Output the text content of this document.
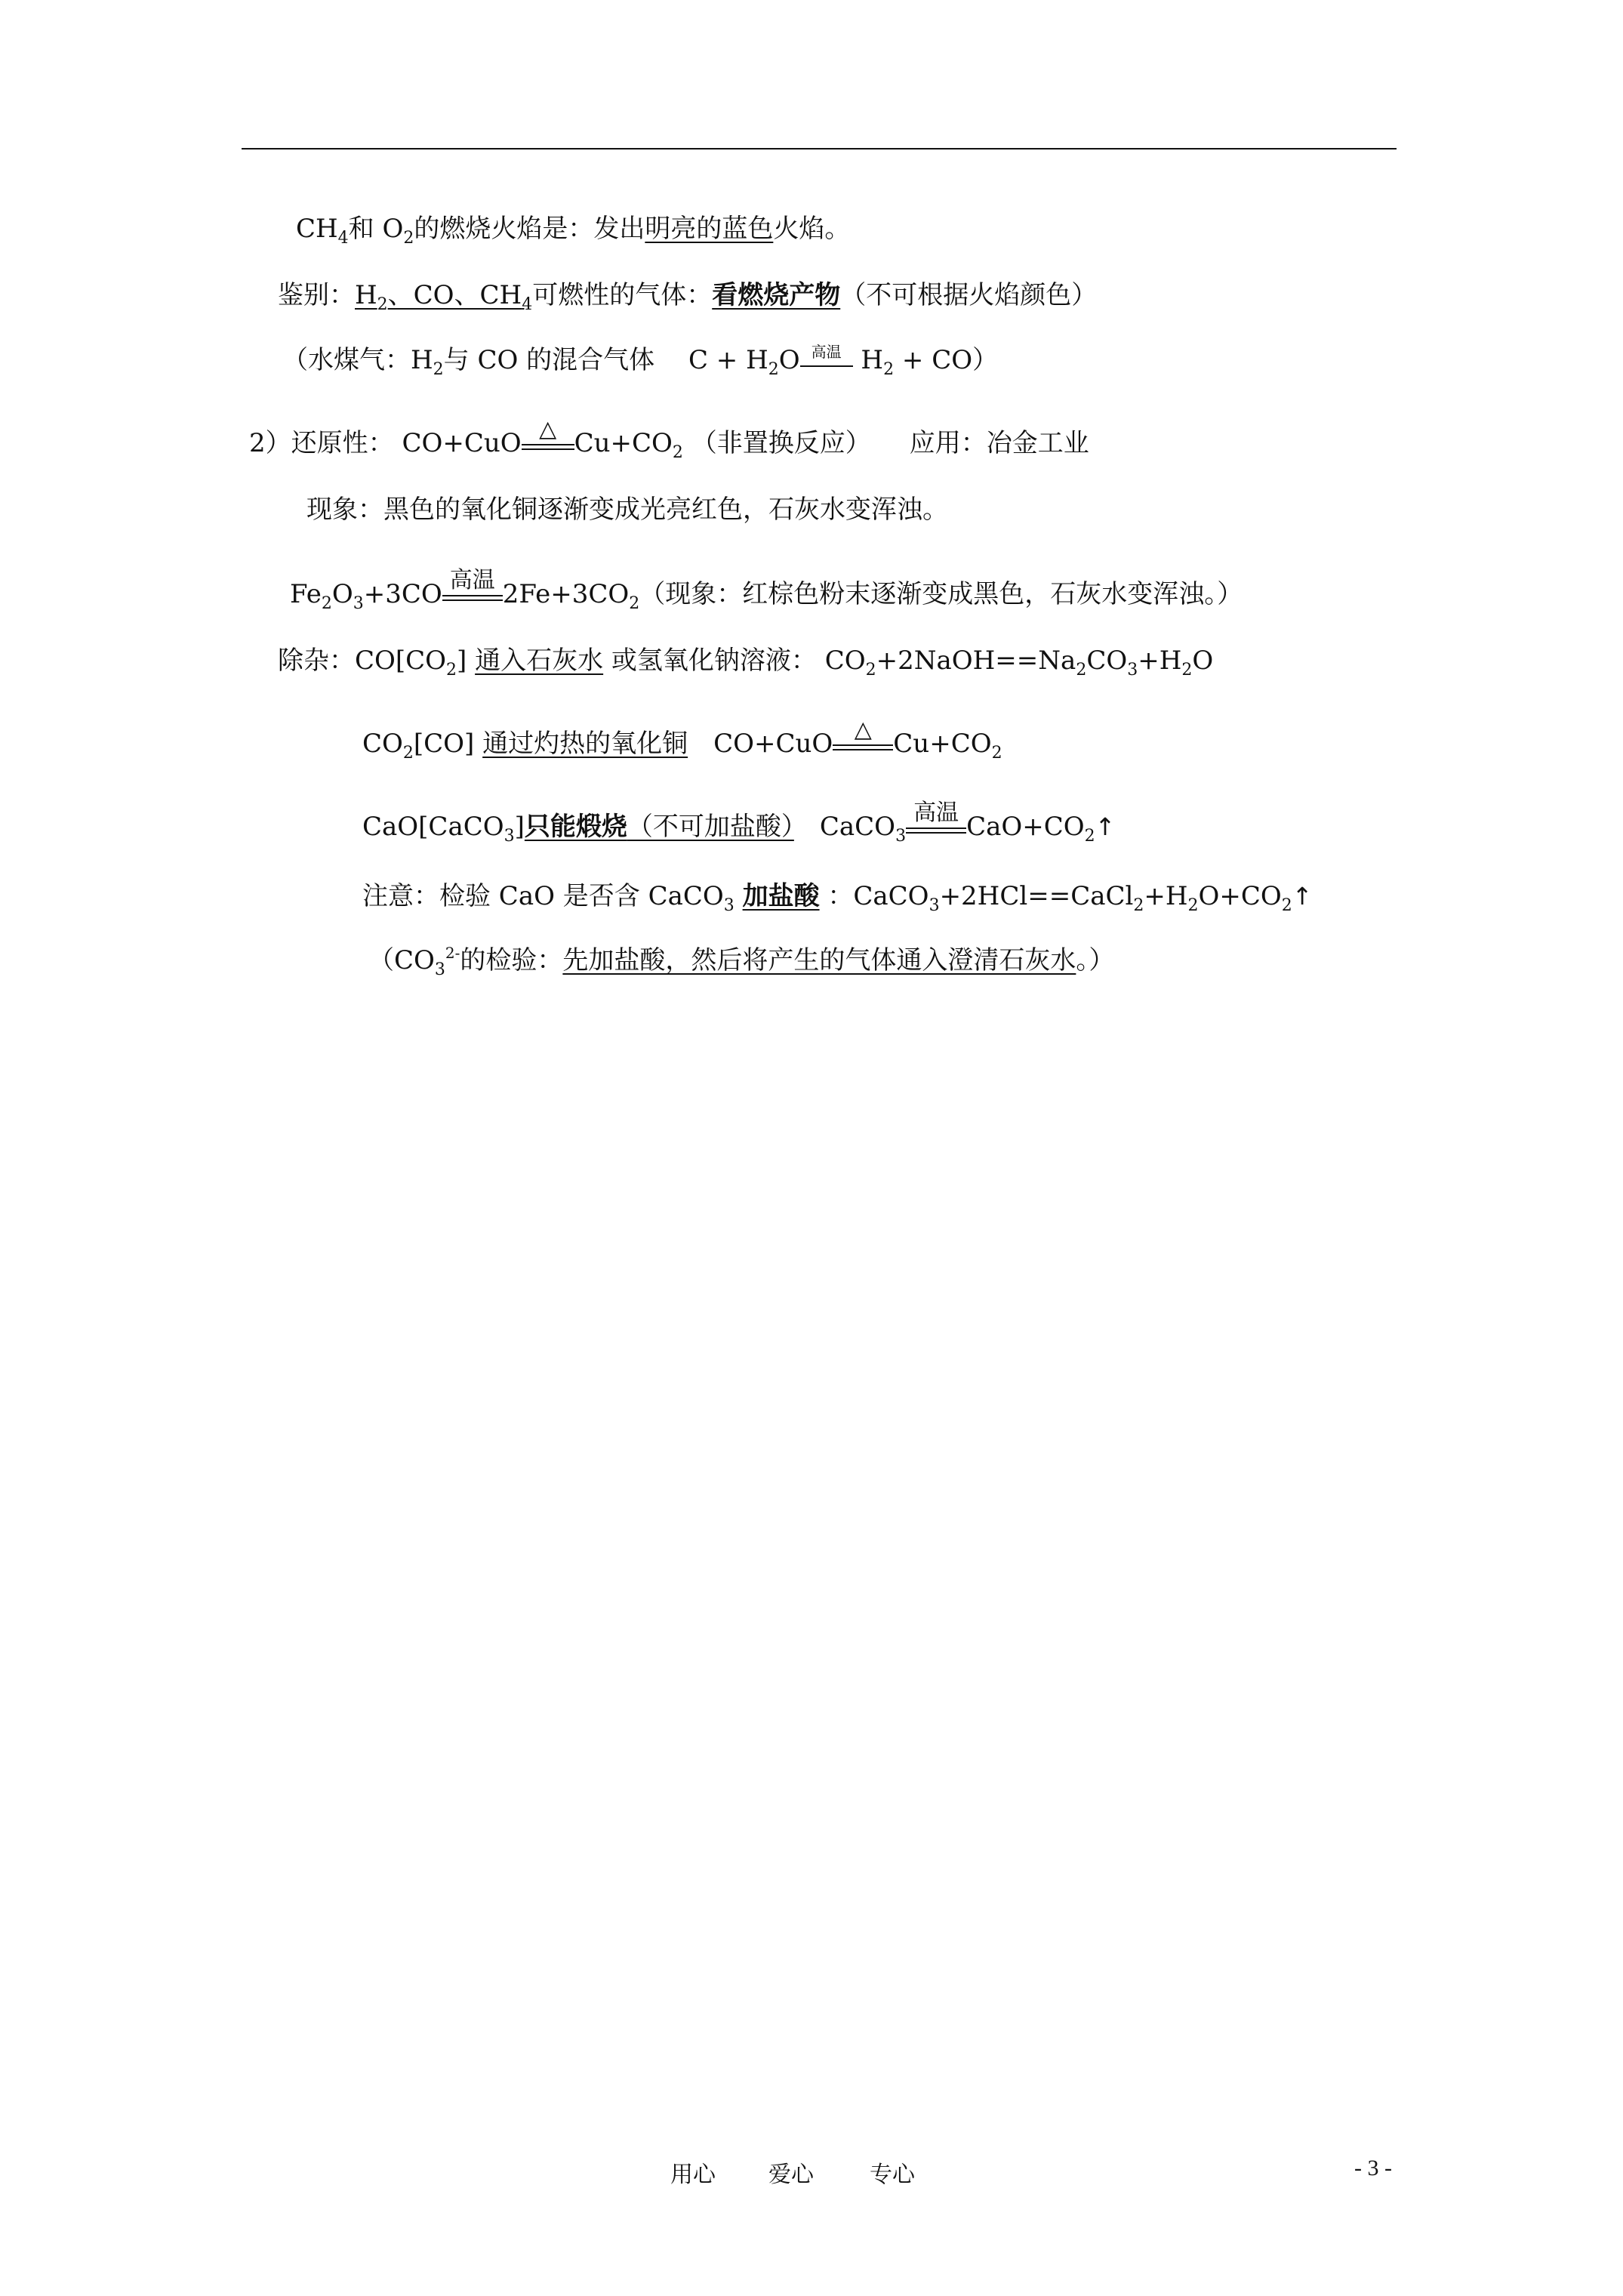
$CH_4$和 $O_2$的燃烧火焰是：发出明亮的蓝色火焰。
鉴别：$H_2$、CO、$CH_4$可燃性的气体：看燃烧产物（不可根据火焰颜色）
（水煤气：$H_2$与 CO 的混合气体　 $C + H_2O$ 高温 $H_2 + CO$）
2）还原性： CO+CuO △ $Cu+CO_2$ （非置换反应）　　应用：冶金工业
现象：黑色的氧化铜逐渐变成光亮红色，石灰水变浑浊。
$Fe_2O_3+3CO$ 高温 $2Fe+3CO_2$（现象：红棕色粉末逐渐变成黑色，石灰水变浑浊。）
除杂：$CO[CO_2]$ 通入石灰水 或氢氧化钠溶液： $CO_2+2NaOH==Na_2CO_3+H_2O$
$CO_2[CO]$ 通过灼热的氧化铜　CO+CuO △ $Cu+CO_2$
CaO[CaCO$_3$]只能煅烧（不可加盐酸）　CaCO$_3$
高温 $CaO+CO_2↑$
注意：检验 CaO 是否含 CaCO$_3$ 加盐酸 ：$CaCO_3+2HCl==CaCl_2+H_2O+CO_2↑$
（$CO_3^{2-}$的检验：先加盐酸，然后将产生的气体通入澄清石灰水。）
用心 爱心 专心	- 3 -
